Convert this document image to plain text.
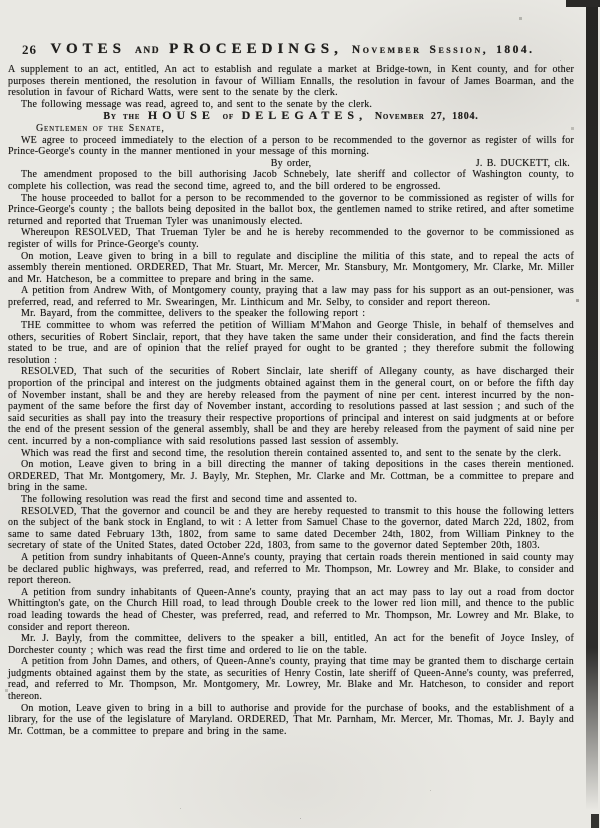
26 VOTES AND PROCEEDINGS, November Session, 1804.

A supplement to an act, entitled, An act to establish and regulate a market at Bridge-town, in Kent county, and for other purposes therein mentioned, the resolution in favour of William Ennalls, the resolution in favour of James Boarman, and the resolution in favour of Richard Watts, were sent to the senate by the clerk.

The following message was read, agreed to, and sent to the senate by the clerk.

By the HOUSE of DELEGATES, November 27, 1804.

Gentlemen of the Senate,

WE agree to proceed immediately to the election of a person to be recommended to the governor as register of wills for Prince-George's county in the manner mentioned in your message of this morning.

By order,	J. B. DUCKETT, clk.

The amendment proposed to the bill authorising Jacob Schnebely, late sheriff and collector of Washington county, to complete his collection, was read the second time, agreed to, and the bill ordered to be engrossed.

The house proceeded to ballot for a person to be recommended to the governor to be commissioned as register of wills for Prince-George's county ; the ballots being deposited in the ballot box, the gentlemen named to strike retired, and after sometime returned and reported that Trueman Tyler was unanimously elected.

Whereupon RESOLVED, That Trueman Tyler be and he is hereby recommended to the governor to be commissioned as register of wills for Prince-George's county.

On motion, Leave given to bring in a bill to regulate and discipline the militia of this state, and to repeal the acts of assembly therein mentioned. ORDERED, That Mr. Stuart, Mr. Mercer, Mr. Stansbury, Mr. Montgomery, Mr. Clarke, Mr. Miller and Mr. Hatcheson, be a committee to prepare and bring in the same.

A petition from Andrew With, of Montgomery county, praying that a law may pass for his support as an out-pensioner, was preferred, read, and referred to Mr. Swearingen, Mr. Linthicum and Mr. Selby, to consider and report thereon.

Mr. Bayard, from the committee, delivers to the speaker the following report :

THE committee to whom was referred the petition of William M'Mahon and George Thisle, in behalf of themselves and others, securities of Robert Sinclair, report, that they have taken the same under their consideration, and find the facts therein stated to be true, and are of opinion that the relief prayed for ought to be granted ; they therefore submit the following resolution :

RESOLVED, That such of the securities of Robert Sinclair, late sheriff of Allegany county, as have discharged their proportion of the principal and interest on the judgments obtained against them in the general court, on or before the fifth day of November instant, shall be and they are hereby released from the payment of nine per cent. interest incurred by the non-payment of the same before the first day of November instant, according to resolutions passed at last session ; and such of the said securities as shall pay into the treasury their respective proportions of principal and interest on said judgments at or before the end of the present session of the general assembly, shall be and they are hereby released from the payment of said nine per cent. incurred by a non-compliance with said resolutions passed last session of assembly.

Which was read the first and second time, the resolution therein contained assented to, and sent to the senate by the clerk.

On motion, Leave given to bring in a bill directing the manner of taking depositions in the cases therein mentioned. ORDERED, That Mr. Montgomery, Mr. J. Bayly, Mr. Stephen, Mr. Clarke and Mr. Cottman, be a committee to prepare and bring in the same.

The following resolution was read the first and second time and assented to.

RESOLVED, That the governor and council be and they are hereby requested to transmit to this house the following letters on the subject of the bank stock in England, to wit : A letter from Samuel Chase to the governor, dated March 22d, 1802, from same to same dated February 13th, 1802, from same to same dated December 24th, 1802, from William Pinkney to the secretary of state of the United States, dated October 22d, 1803, from same to the governor dated September 20th, 1803.

A petition from sundry inhabitants of Queen-Anne's county, praying that certain roads therein mentioned in said county may be declared public highways, was preferred, read, and referred to Mr. Thompson, Mr. Lowrey and Mr. Blake, to consider and report thereon.

A petition from sundry inhabitants of Queen-Anne's county, praying that an act may pass to lay out a road from doctor Whittington's gate, on the Church Hill road, to lead through Double creek to the lower red lion mill, and thence to the public road leading towards the head of Chester, was preferred, read, and referred to Mr. Thompson, Mr. Lowrey and Mr. Blake, to consider and report thereon.

Mr. J. Bayly, from the committee, delivers to the speaker a bill, entitled, An act for the benefit of Joyce Insley, of Dorchester county ; which was read the first time and ordered to lie on the table.

A petition from John Dames, and others, of Queen-Anne's county, praying that time may be granted them to discharge certain judgments obtained against them by the state, as securities of Henry Costin, late sheriff of Queen-Anne's county, was preferred, read, and referred to Mr. Thompson, Mr. Montgomery, Mr. Lowrey, Mr. Blake and Mr. Hatcheson, to consider and report thereon.

On motion, Leave given to bring in a bill to authorise and provide for the purchase of books, and the establishment of a library, for the use of the legislature of Maryland. ORDERED, That Mr. Parnham, Mr. Mercer, Mr. Thomas, Mr. J. Bayly and Mr. Cottman, be a committee to prepare and bring in the same.
